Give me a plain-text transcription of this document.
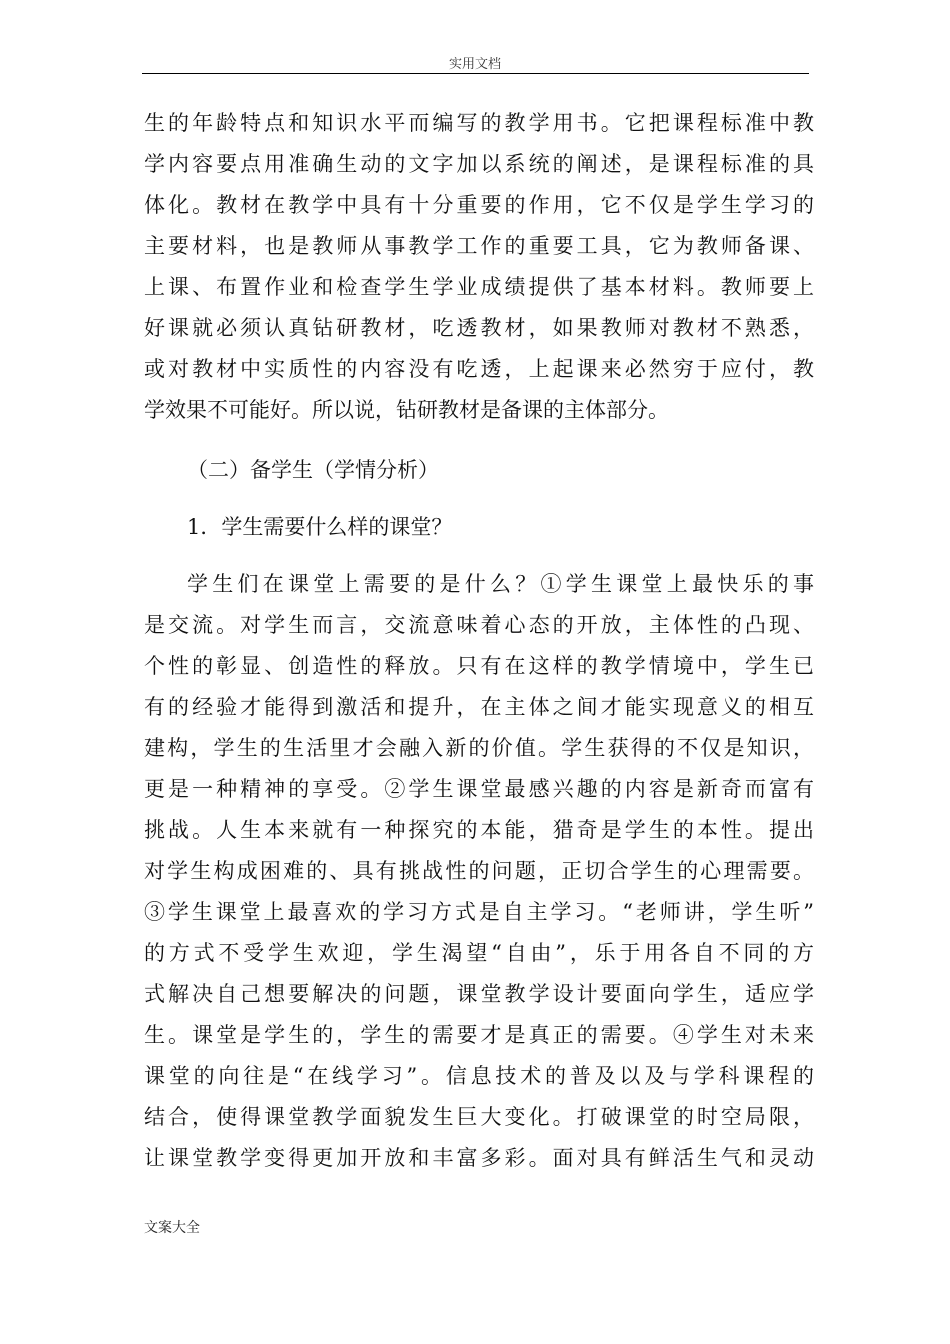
实用文档
生的年龄特点和知识水平而编写的教学用书。它把课程标准中教
学内容要点用准确生动的文字加以系统的阐述，是课程标准的具
体化。教材在教学中具有十分重要的作用，它不仅是学生学习的
主要材料，也是教师从事教学工作的重要工具，它为教师备课、
上课、布置作业和检查学生学业成绩提供了基本材料。教师要上
好课就必须认真钻研教材，吃透教材，如果教师对教材不熟悉，
或对教材中实质性的内容没有吃透，上起课来必然穷于应付，教
学效果不可能好。所以说，钻研教材是备课的主体部分。
（二）备学生（学情分析）
1．学生需要什么样的课堂？
学生们在课堂上需要的是什么？①学生课堂上最快乐的事
是交流。对学生而言，交流意味着心态的开放，主体性的凸现、
个性的彰显、创造性的释放。只有在这样的教学情境中，学生已
有的经验才能得到激活和提升，在主体之间才能实现意义的相互
建构，学生的生活里才会融入新的价值。学生获得的不仅是知识，
更是一种精神的享受。②学生课堂最感兴趣的内容是新奇而富有
挑战。人生本来就有一种探究的本能，猎奇是学生的本性。提出
对学生构成困难的、具有挑战性的问题，正切合学生的心理需要。
③学生课堂上最喜欢的学习方式是自主学习。“老师讲，学生听”
的方式不受学生欢迎，学生渴望“自由”，乐于用各自不同的方
式解决自己想要解决的问题，课堂教学设计要面向学生，适应学
生。课堂是学生的，学生的需要才是真正的需要。④学生对未来
课堂的向往是“在线学习”。信息技术的普及以及与学科课程的
结合，使得课堂教学面貌发生巨大变化。打破课堂的时空局限，
让课堂教学变得更加开放和丰富多彩。面对具有鲜活生气和灵动
文案大全
